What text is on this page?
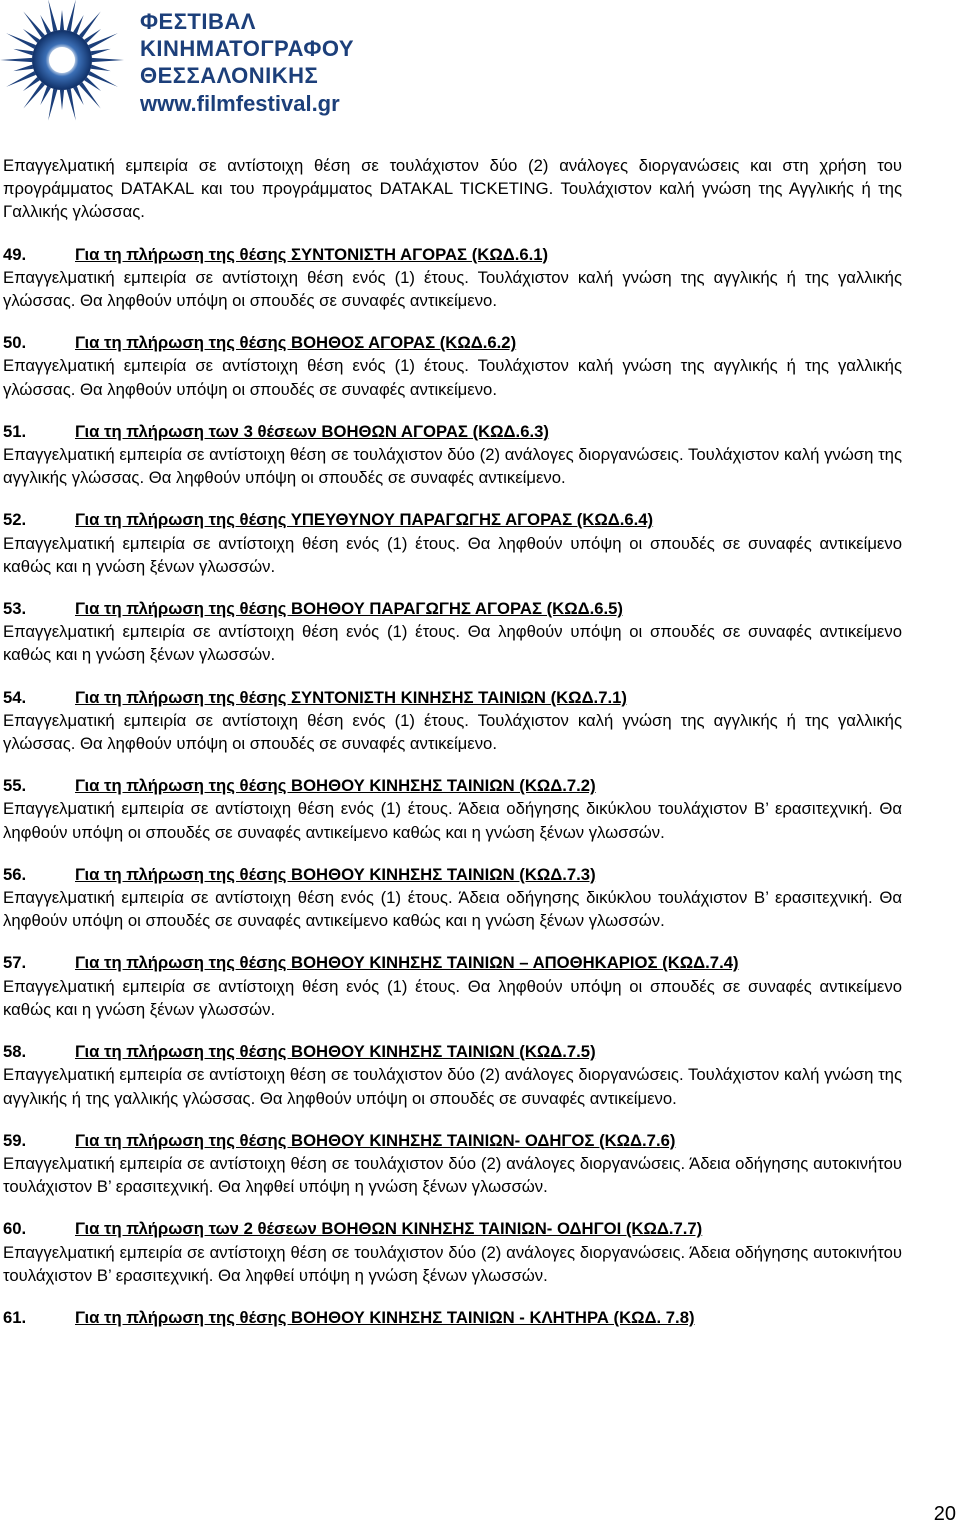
ΦΕΣΤΙΒΑΛ
ΚΙΝΗΜΑΤΟΓΡΑΦΟΥ
ΘΕΣΣΑΛΟΝΙΚΗΣ
www.filmfestival.gr
Επαγγελματική εμπειρία σε αντίστοιχη θέση σε τουλάχιστον δύο (2) ανάλογες διοργανώσεις και στη χρήση του προγράμματος DATAKAL και του προγράμματος DATAKAL TICKETING. Τουλάχιστον καλή γνώση της Αγγλικής ή της Γαλλικής γλώσσας.
49.	Για τη πλήρωση της θέσης ΣΥΝΤΟΝΙΣΤΗ ΑΓΟΡΑΣ (ΚΩΔ.6.1)
Επαγγελματική εμπειρία σε αντίστοιχη θέση ενός (1) έτους. Τουλάχιστον καλή γνώση της αγγλικής ή της γαλλικής γλώσσας. Θα ληφθούν υπόψη οι σπουδές σε συναφές αντικείμενο.
50.	Για τη πλήρωση της θέσης ΒΟΗΘΟΣ ΑΓΟΡΑΣ (ΚΩΔ.6.2)
Επαγγελματική εμπειρία σε αντίστοιχη θέση ενός (1) έτους. Τουλάχιστον καλή γνώση της αγγλικής ή της γαλλικής γλώσσας. Θα ληφθούν υπόψη οι σπουδές σε συναφές αντικείμενο.
51.	Για τη πλήρωση των 3 θέσεων ΒΟΗΘΩΝ ΑΓΟΡΑΣ (ΚΩΔ.6.3)
Επαγγελματική εμπειρία σε αντίστοιχη θέση σε τουλάχιστον δύο (2) ανάλογες διοργανώσεις. Τουλάχιστον καλή γνώση της αγγλικής γλώσσας. Θα ληφθούν υπόψη οι σπουδές σε συναφές αντικείμενο.
52.	Για τη πλήρωση της θέσης ΥΠΕΥΘΥΝΟΥ ΠΑΡΑΓΩΓΗΣ ΑΓΟΡΑΣ (ΚΩΔ.6.4)
Επαγγελματική εμπειρία σε αντίστοιχη θέση ενός (1) έτους. Θα ληφθούν υπόψη οι σπουδές σε συναφές αντικείμενο καθώς και η γνώση ξένων γλωσσών.
53.	Για τη πλήρωση της θέσης ΒΟΗΘΟΥ ΠΑΡΑΓΩΓΗΣ ΑΓΟΡΑΣ (ΚΩΔ.6.5)
Επαγγελματική εμπειρία σε αντίστοιχη θέση ενός (1) έτους. Θα ληφθούν υπόψη οι σπουδές σε συναφές αντικείμενο καθώς και η γνώση ξένων γλωσσών.
54.	Για τη πλήρωση της θέσης ΣΥΝΤΟΝΙΣΤΗ ΚΙΝΗΣΗΣ ΤΑΙΝΙΩΝ (ΚΩΔ.7.1)
Επαγγελματική εμπειρία σε αντίστοιχη θέση ενός (1) έτους. Τουλάχιστον καλή γνώση της αγγλικής ή της γαλλικής γλώσσας. Θα ληφθούν υπόψη οι σπουδές σε συναφές αντικείμενο.
55.	Για τη πλήρωση της θέσης ΒΟΗΘΟΥ ΚΙΝΗΣΗΣ ΤΑΙΝΙΩΝ (ΚΩΔ.7.2)
Επαγγελματική εμπειρία σε αντίστοιχη θέση ενός (1) έτους. Άδεια οδήγησης δικύκλου τουλάχιστον Β’ ερασιτεχνική. Θα ληφθούν υπόψη οι σπουδές σε συναφές αντικείμενο καθώς και η γνώση ξένων γλωσσών.
56.	Για τη πλήρωση της θέσης ΒΟΗΘΟΥ ΚΙΝΗΣΗΣ ΤΑΙΝΙΩΝ (ΚΩΔ.7.3)
Επαγγελματική εμπειρία σε αντίστοιχη θέση ενός (1) έτους. Άδεια οδήγησης δικύκλου τουλάχιστον Β’ ερασιτεχνική. Θα ληφθούν υπόψη οι σπουδές σε συναφές αντικείμενο καθώς και η γνώση ξένων γλωσσών.
57.	Για τη πλήρωση της θέσης ΒΟΗΘΟΥ ΚΙΝΗΣΗΣ ΤΑΙΝΙΩΝ – ΑΠΟΘΗΚΑΡΙΟΣ (ΚΩΔ.7.4)
Επαγγελματική εμπειρία σε αντίστοιχη θέση ενός (1) έτους. Θα ληφθούν υπόψη οι σπουδές σε συναφές αντικείμενο καθώς και η γνώση ξένων γλωσσών.
58.	Για τη πλήρωση της θέσης ΒΟΗΘΟΥ ΚΙΝΗΣΗΣ ΤΑΙΝΙΩΝ (ΚΩΔ.7.5)
Επαγγελματική εμπειρία σε αντίστοιχη θέση σε τουλάχιστον δύο (2) ανάλογες διοργανώσεις. Τουλάχιστον καλή γνώση της αγγλικής ή της γαλλικής γλώσσας. Θα ληφθούν υπόψη οι σπουδές σε συναφές αντικείμενο.
59.	Για τη πλήρωση της θέσης ΒΟΗΘΟΥ ΚΙΝΗΣΗΣ ΤΑΙΝΙΩΝ- ΟΔΗΓΟΣ (ΚΩΔ.7.6)
Επαγγελματική εμπειρία σε αντίστοιχη θέση σε τουλάχιστον δύο (2) ανάλογες διοργανώσεις. Άδεια οδήγησης αυτοκινήτου τουλάχιστον Β’ ερασιτεχνική. Θα ληφθεί υπόψη η γνώση ξένων γλωσσών.
60.	Για τη πλήρωση των 2 θέσεων ΒΟΗΘΩΝ ΚΙΝΗΣΗΣ ΤΑΙΝΙΩΝ- ΟΔΗΓΟΙ (ΚΩΔ.7.7)
Επαγγελματική εμπειρία σε αντίστοιχη θέση σε τουλάχιστον δύο (2) ανάλογες διοργανώσεις. Άδεια οδήγησης αυτοκινήτου τουλάχιστον Β’ ερασιτεχνική. Θα ληφθεί υπόψη η γνώση ξένων γλωσσών.
61.	Για τη πλήρωση της θέσης ΒΟΗΘΟΥ ΚΙΝΗΣΗΣ ΤΑΙΝΙΩΝ - ΚΛΗΤΗΡΑ (ΚΩΔ. 7.8)
20
